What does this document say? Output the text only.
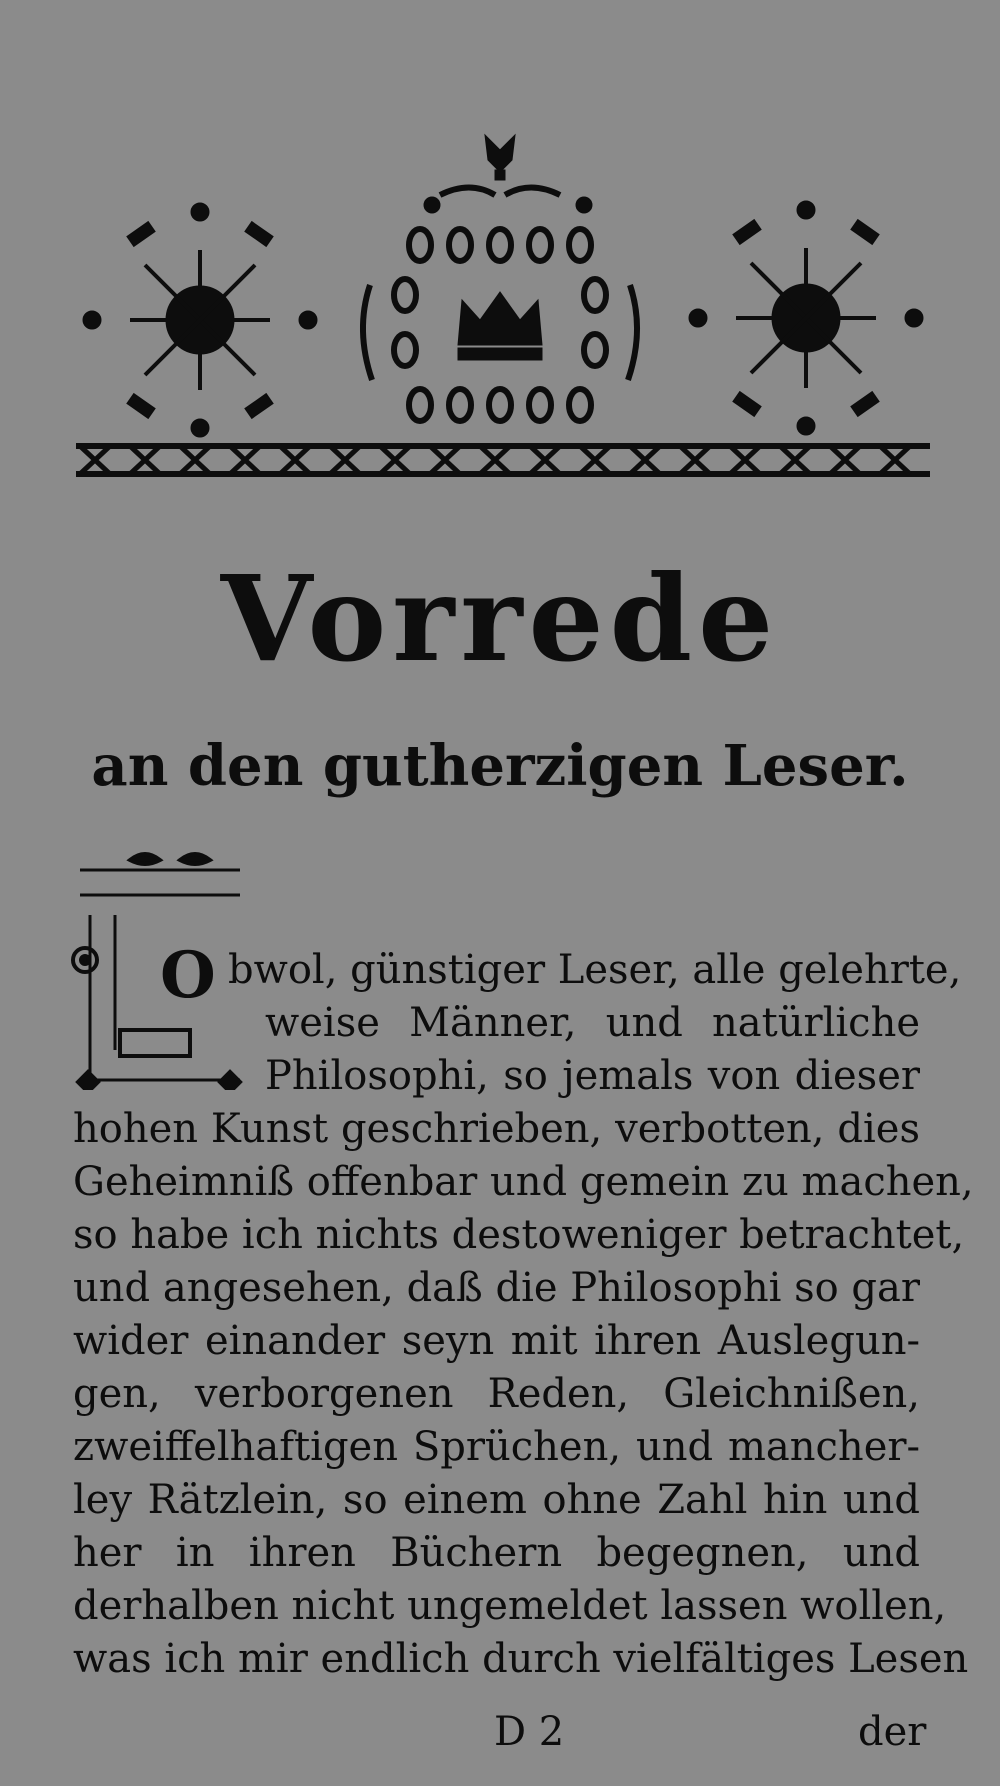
Vorrede
an den gutherzigen Leser.
O bwol, günstiger Leser, alle gelehrte,
weise Männer, und natürliche
Philosophi, so jemals von dieser
hohen Kunst geschrieben, verbotten, dies
Geheimniß offenbar und gemein zu machen,
so habe ich nichts destoweniger betrachtet,
und angesehen, daß die Philosophi so gar
wider einander seyn mit ihren Auslegun-
gen, verborgenen Reden, Gleichnißen,
zweiffelhaftigen Sprüchen, und mancher-
ley Rätzlein, so einem ohne Zahl hin und
her in ihren Büchern begegnen, und
derhalben nicht ungemeldet lassen wollen,
was ich mir endlich durch vielfältiges Lesen
D 2	der
